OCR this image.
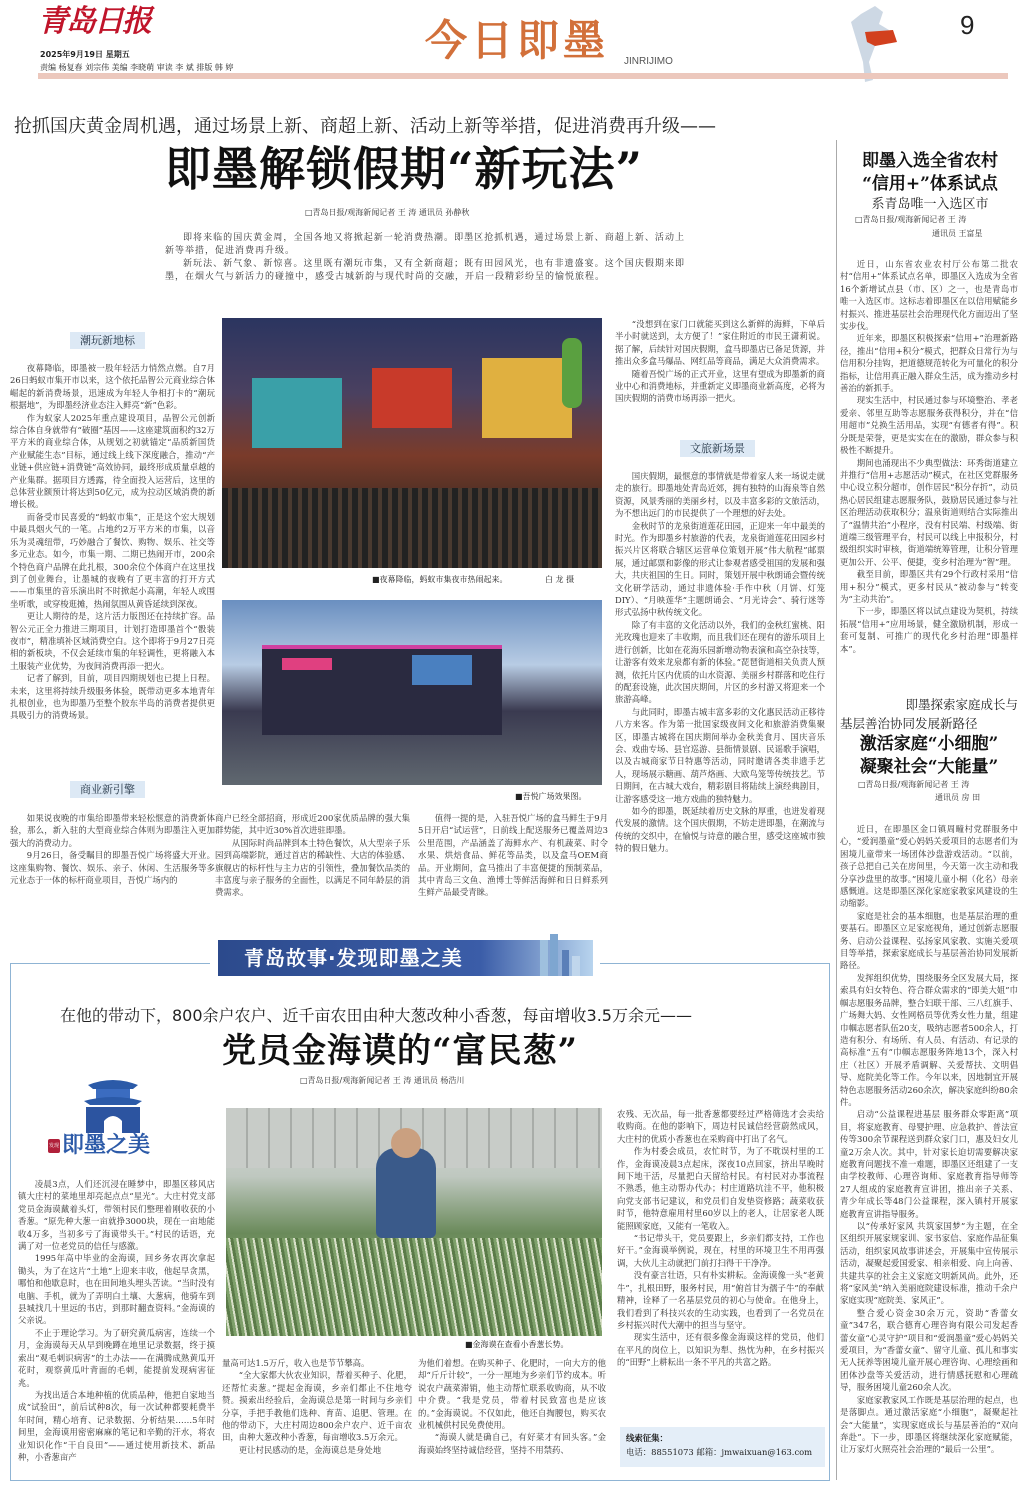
青岛日报
2025年9月19日 星期五
责编 杨复春 刘宗伟 美编 李晓萌 审读 李 斌 排版 韩 婷
今日即墨 JINRIJIMO
9
抢抓国庆黄金周机遇，通过场景上新、商超上新、活动上新等举措，促进消费再升级——
即墨解锁假期“新玩法”
□青岛日报/观海新闻记者 王 涛 通讯员 孙静秋

即将来临的国庆黄金周，全国各地又将掀起新一轮消费热潮。即墨区抢抓机遇，通过场景上新、商超上新、活动上新等举措，促进消费再升级。

新玩法、新气象、新惊喜。这里既有潮玩市集，又有全新商超；既有田园风光，也有非遗盛宴。这个国庆假期来即墨，在烟火气与新活力的碰撞中，感受古城新韵与现代时尚的交融，开启一段精彩纷呈的愉悦旅程。

潮玩新地标

夜幕降临，即墨被一股年轻活力悄然点燃。自7月26日蚂蚁市集开市以来，这个依托品智公元商业综合体崛起的新消费场景，迅速成为年轻人争相打卡的“潮玩根据地”，为即墨经济业态注入鲜亮“新”色彩。

作为蚁家人2025年重点建设项目，品智公元创新综合体自身就带有“破圈”基因——这座建筑面积约32万平方米的商业综合体，从规划之初就锚定“品质新国货产业赋能生态”目标，通过线上线下深度融合，推动“产业链+供应链+消费链”高效协同，最终形成质量卓越的产业集群。据项目方透露，待全面投入运营后，这里的总体营业额预计将达到50亿元，成为拉动区域消费的新增长极。

而备受市民喜爱的“蚂蚁市集”，正是这个宏大规划中最具烟火气的一笔。占地约2万平方米的市集，以音乐为灵魂纽带，巧妙融合了餐饮、购物、娱乐、社交等多元业态。如今，市集一期、二期已热闹开市，200余个特色商户品牌在此扎根，300余位个体商户在这里找到了创业舞台，让墨城的夜晚有了更丰富的打开方式——市集里的音乐演出时不时掀起小高潮，年轻人或围坐听歌，或穿梭逛摊，热闹氛围从黄昏延续到深夜。

更让人期待的是，这片活力版图还在持续扩容。品智公元正全力推进三期项目，计划打造即墨首个“骰装夜市”，精准填补区域消费空白。这个即将于9月27日亮相的新板块，不仅会延续市集的年轻调性，更将融入本土服装产业优势，为夜间消费再添一把火。

记者了解到，目前，项目四期规划也已提上日程。未来，这里将持续升级服务体验，既带动更多本地青年扎根创业，也为即墨乃至整个胶东半岛的消费者提供更具吸引力的消费场景。

商业新引擎

如果说夜晚的市集给即墨带来轻松惬意的消费新体验，那么，新入驻的大型商业综合体则为即墨注入更加强大的消费动力。

9月26日，备受瞩目的即墨吾悦广场将盛大开业。这座集购物、餐饮、娱乐、亲子、休闲、生活服务等多元业态于一体的标杆商业项目，吾悦广场内的

商户已经全部招商，形成近200家优质品牌的强大集群势能，其中近30%首次进驻即墨。

从国际时尚品牌到本土特色餐饮，从大型亲子乐园到高端影院，通过首店的稀缺性、大店的体验感、旗舰店的标杆性与主力店的引领性，叠加餐饮品类的丰富度与亲子服务的全面性，以满足不同年龄层的消费需求。

值得一提的是，入驻吾悦广场的盒马鲜生于9月5日开启“试运营”，日前线上配送服务已覆盖周边3公里范围，产品涵盖了海鲜水产、有机蔬菜、时令水果、烘焙食品、鲜花等品类，以及盒马OEM商品。开业期间，盒马推出了丰富便捷的预制菜品，其中青岛三文鱼、渔博士等鲜活海鲜和日日鲜系列生鲜产品最受青睐。

■夜幕降临，蚂蚁市集夜市热闹起来。	白 龙 摄
■吾悦广场效果图。

“没想到在家门口就能买到这么新鲜的海鲜，下单后半小时就送到，太方便了！”家住附近的市民王潇莉说。据了解，后续针对国庆假期，盒马即墨店已备足货源，并推出众多盒马爆品、网红品等商品，满足大众消费需求。

随着吾悦广场的正式开业，这里有望成为即墨新的商业中心和消费地标，并重新定义即墨商业新高度，必将为国庆假期的消费市场再添一把火。

文旅新场景

国庆假期，最惬意的事情就是带着家人来一场说走就走的旅行。即墨地处青岛近郊，拥有独特的山海泉等自然资源，风景秀丽的美丽乡村，以及丰富多彩的文旅活动，为不想出远门的市民提供了一个理想的好去处。

金秋时节的龙泉街道莲花田园，正迎来一年中最美的时光。作为即墨乡村旅游的代表，龙泉街道莲花田园乡村振兴片区将联合辖区运营单位策划开展“伟大航程”邮票展，通过邮票和影像的形式让参观者感受祖国的发展和强大，共庆祖国的生日。同时，策划开展中秋朗诵会暨传统文化研学活动，通过非遗体验·手作中秋（月饼、灯笼DIY）、“月映莲华”主题朗诵会、“月光诗会”、骑行迷等形式弘扬中秋传统文化。

除了有丰富的文化活动以外，我们的金秋红蜜桃、阳光玫瑰也迎来了丰收期，而且我们还在现有的游乐项目上进行创新，比如在花海乐园新增动物表演和高空杂技等，让游客有效来龙泉都有新的体验。”琵琶街道相关负责人预测，依托片区内优质的山水资源、美丽乡村群落和吃住行的配套设施，此次国庆期间，片区的乡村游又将迎来一个旅游高峰。

与此同时，即墨古城丰富多彩的文化惠民活动正移待八方来客。作为第一批国家级夜间文化和旅游消费集聚区，即墨古城将在国庆期间举办金秋美食月、国庆音乐会、戏曲专场、县官巡游、县衙情景剧、民谣歌手演唱，以及古城商家节日特惠等活动，同时邀请各类非遗手艺人，现场展示糖画、葫芦烙画、大欧鸟笼等传统技艺。节日期间，在古城大戏台，精彩剧目将陆续上演经典剧目，让游客感受这一地方戏曲的独特魅力。

如今的即墨，既延续着历史文脉的厚重，也迸发着现代发展的激情。这个国庆假期，不妨走进即墨，在潮流与传统的交织中，在愉悦与诗意的融合里，感受这座城市独特的假日魅力。

即墨入选全省农村
“信用+”体系试点
系青岛唯一入选区市
□青岛日报/观海新闻记者 王 涛
通讯员 王富星

近日，山东省农业农村厅公布第二批农村“信用+”体系试点名单，即墨区入选成为全省16个新增试点县（市、区）之一，也是青岛市唯一入选区市。这标志着即墨区在以信用赋能乡村振兴、推进基层社会治理现代化方面迈出了坚实步伐。

近年来，即墨区积极探索“信用+”治理新路径，推出“信用+积分”模式，把群众日常行为与信用积分挂钩，把道德规范转化为可量化的积分指标，让信用真正融入群众生活，成为推动乡村善治的新抓手。

现实生活中，村民通过参与环境整治、孝老爱亲、邻里互助等志愿服务获得积分，并在“信用超市”兑换生活用品，实现“有德者有得”。积分既是荣誉，更是实实在在的激励，群众参与积极性不断提升。

期间也涌现出不少典型做法：环秀街道建立并推行“信用+志愿活动”模式，在社区党群服务中心设立积分超市，创作居民“积分存折”，动员热心居民组建志愿服务队，鼓励居民通过参与社区治理活动获取积分；温泉街道则结合实际推出了“温情共治”小程序，没有村民端、村级端、街道端三级管理平台，村民可以线上申报积分，村级组织实时审核，街道端统筹管理，让积分管理更加公开、公平、便捷，变乡村治理为“智”理。

截至目前，即墨区共有29个行政村采用“信用+积分”模式，更多村民从“被动参与”转变为“主动共治”。

下一步，即墨区将以试点建设为契机，持续拓展“信用+”应用场景，健全激励机制，形成一套可复制、可推广的现代化乡村治理“即墨样本”。

即墨探索家庭成长与
基层善治协同发展新路径
激活家庭“小细胞”
凝聚社会“大能量”
□青岛日报/观海新闻记者 王 涛
通讯员 房 田

近日，在即墨区金口镇周疃村党群服务中心，“爱润墨童”爱心妈妈关爱项目的志愿者们为困境儿童带来一场团体沙盘游戏活动。“以前，孩子总把自己关在房间里，今天第一次主动和我分享沙盘里的故事。”困境儿童小桐（化名）母亲感慨道。这是即墨区深化家庭家教家风建设的生动缩影。

家庭是社会的基本细胞，也是基层治理的重要基石。即墨区立足家庭视角，通过创新志愿服务、启动公益课程、弘扬家风家教、实施关爱项目等举措，探索家庭成长与基层善治协同发展新路径。

发挥组织优势，围绕服务全区发展大局，探索具有妇女特色、符合群众需求的“即美大姐”巾帼志愿服务品牌，整合妇联干部、三八红旗手、广场舞大妈、女性网格员等优秀女性力量，组建巾帼志愿者队伍20支，吸纳志愿者500余人，打造有积分、有场所、有人员、有活动、有记录的高标准“五有”巾帼志愿服务阵地13个，深入村庄（社区）开展矛盾调解、关爱帮扶、文明倡导、庭院美化等工作。今年以来，因地制宜开展特色志愿服务活动260余次，解决家庭纠纷80余件。

启动“公益课程进基层 服务群众零距离”项目，将家庭教育、母婴护理、应急救护、普法宣传等300余节课程送到群众家门口，惠及妇女儿童2万余人次。其中，针对家长迫切需要解决家庭教育问题找不准一难题，即墨区还组建了一支由学校教师、心理咨询师、家庭教育指导师等27人组成的家庭教育宣讲团，推出亲子关系、青少年成长等48门公益课程，深入镇村开展家庭教育宣讲指导服务。

以“传承好家风 共筑家国梦”为主题，在全区组织开展家规家训、家书家信、家庭作品征集活动，组织家风故事讲述会，开展集中宣传展示活动，凝聚起爱国爱家、相亲相爱、向上向善、共建共享的社会主义家庭文明新风尚。此外，还将“家风美”纳入美丽庭院建设标准，推动千余户家庭实现“庭院美、家风正”。

整合爱心资金30余万元，资助“香蕾女童”347名，联合德育心理咨询有限公司发起香蕾女童“心灵守护”项目和“爱润墨童”爱心妈妈关爱项目，为“香蕾女童”、留守儿童、孤儿和事实无人抚养等困境儿童开展心理咨询、心理绘画和团体沙盘等关爱活动，进行情感抚慰和心理疏导，服务困境儿童260余人次。

家庭家教家风工作既是基层治理的起点，也是落脚点。通过激活家庭“小细胞”，凝聚起社会“大能量”，实现家庭成长与基层善治的“双向奔赴”。下一步，即墨区将继续深化家庭赋能，让万家灯火照亮社会治理的“最后一公里”。

青岛故事·发现即墨之美
在他的带动下，800余户农户、近千亩农田由种大葱改种小香葱，每亩增收3.5万余元——
党员金海谟的“富民葱”
□青岛日报/观海新闻记者 王 涛 通讯员 杨浩川
发现 即墨之美

凌晨3点，人们还沉浸在睡梦中，即墨区移风店镇大庄村的菜地里却亮起点点“星光”。大庄村党支部党员金海谟戴着头灯，带领村民们整理着刚收获的小香葱。“原先种大葱一亩就挣3000块，现在一亩地能收4万多，当初多亏了海谟带头干。”村民的话语，充满了对一位老党员的信任与感激。

1995年高中毕业的金海谟，回乡务农再次拿起锄头，为了在这片“土地”上迎来丰收，他起早贪黑，哪怕和他歇息时，也在田间地头埋头苦读。“当时没有电脑、手机，就为了弄明白土壤、大葱病，他骑车到县城找几十里远的书店，到那时翻查资料。”金海谟的父亲说。

不止于理论学习。为了研究黄瓜病害，连续一个月，金海谟每天从早到晚蹲在地里记录数据，终于摸索出“观毛刺识病害”的土办法——在满腾成熟黄瓜开花时，观察黄瓜叶背面的毛刺，能提前发现病害征兆。

为找出适合本地种植的优质品种，他把自家地当成“试验田”，前后试种8次，每一次试种都要耗费半年时间，精心培育、记录数据、分析结果……5年时间里，金海谟用密密麻麻的笔记和辛勤的汗水，将农业知识化作“干自良田”——通过使用新技术、新品种，小香葱亩产

■金海谟在查看小香葱长势。

量高可达1.5万斤，收入也是节节攀高。

“全大家都大伙农业知识，帮着买种子、化肥，还帮忙卖葱。”提起金海谟，乡亲们都止不住地夸赞。摸索出经验后，金海谟总是第一时间与乡亲们分享，手把手教他们选种、育苗、追肥、管理。在他的带动下，大庄村周边800余户农户、近千亩农田，由种大葱改种小香葱，每亩增收3.5万余元。

更让村民感动的是，金海谟总是身处地

为他们着想。在购买种子、化肥时，一向大方的他却“斤斤计较”，一分一厘地为乡亲们节约成本。听说农户蔬菜滞销，他主动帮忙联系收购商，从不收中介费。“我是党员，带着村民致富也是应该的。”金海谟说。不仅如此，他还自掏腰包，购买农业机械供村民免费使用。

“海谟人就是确自己，有好菜才有回头客。”金海谟始终坚持诚信经营，坚持不用禁药、

农残、无次品，每一批香葱都要经过严格筛选才会卖给收购商。在他的影响下，周边村民诚信经营蔚然成风，大庄村的优质小香葱也在采购商中打出了名气。

作为村委会成员，农忙时节，为了不耽误村里的工作，金海谟凌晨3点起床，深夜10点回家，挤出早晚时间下地干活，尽量把白天留给村民。有村民对办事流程不熟悉，他主动帮办代办；村庄道路坑洼不平，他积极向党支部书记建议，和党员们自发垫资修路；蔬菜收获时节，他特意雇用村里60岁以上的老人，让居家老人既能照顾家庭，又能有一笔收入。

“书记带头干，党员要跟上，乡亲们都支持，工作也好干。”金海谟举例说，现在，村里的环境卫生不用再强调，大伙儿主动就把门前打扫得干干净净。

没有豪言壮语，只有朴实耕耘。金海谟像一头“老黄牛”，扎根田野，服务村民，用“俯首甘为孺子牛”的奉献精神，诠释了一名基层党员的初心与使命。在他身上，我们看到了科技兴农的生动实践，也看到了一名党员在乡村振兴时代大潮中的担当与坚守。

现实生活中，还有很多像金海谟这样的党员，他们在平凡的岗位上，以知识为犁、热忱为种，在乡村振兴的“田野”上耕耘出一条不平凡的共富之路。

线索征集：
电话：88551073 邮箱：jmwaixuan@163.com
